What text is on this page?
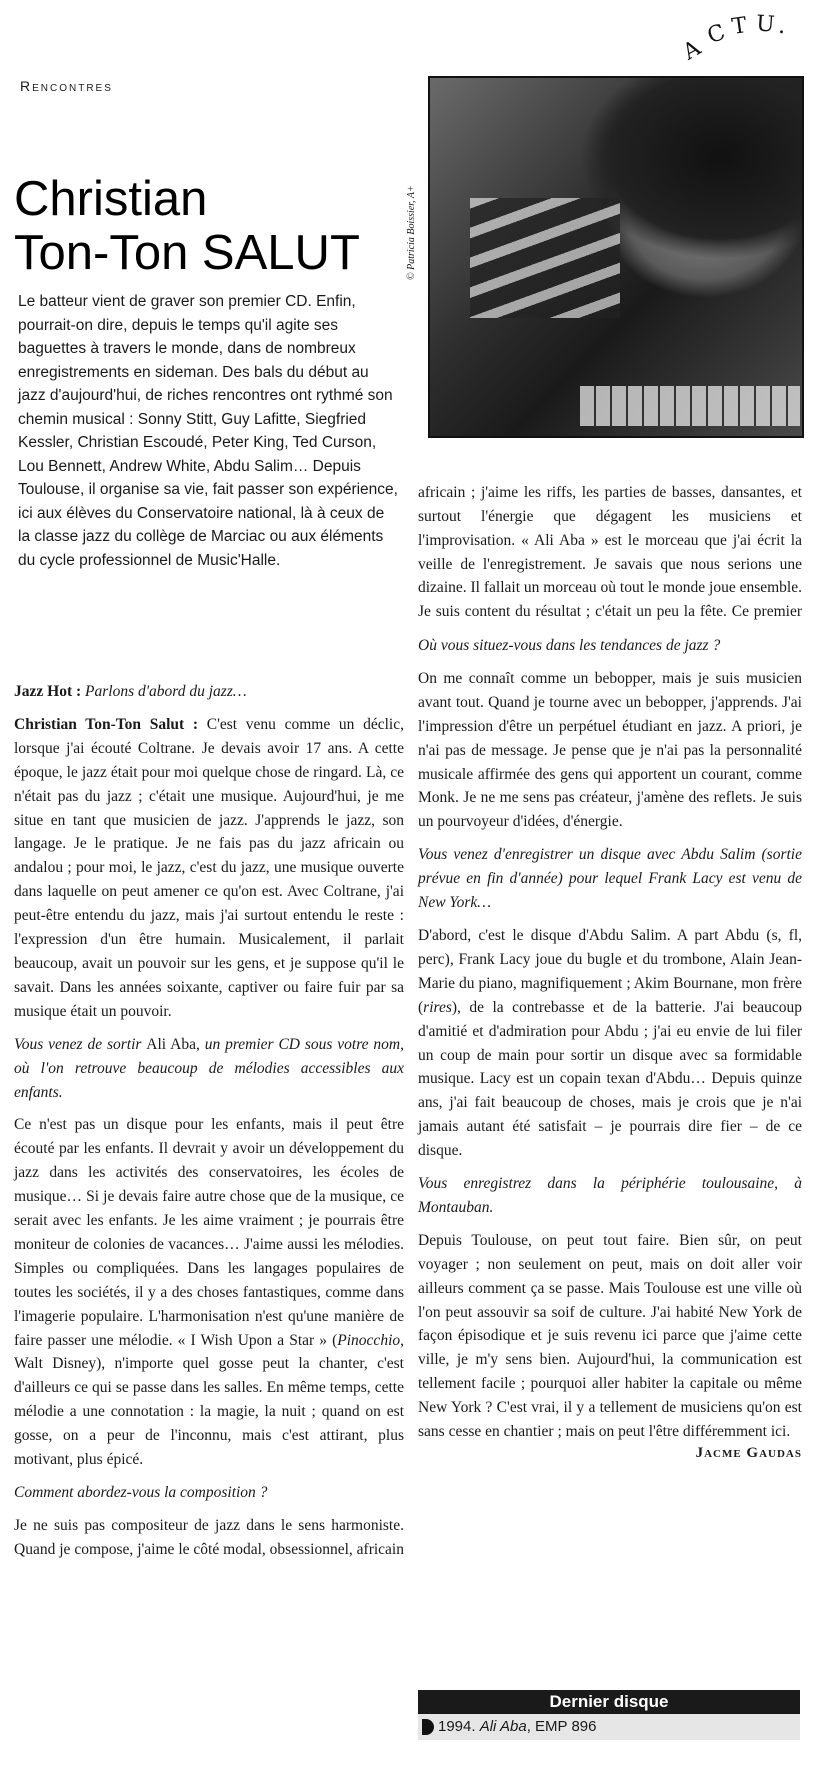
A
C T U .
Rencontres
Christian
Ton-Ton SALUT

Le batteur vient de graver son premier CD. Enfin, pourrait-on dire, depuis le temps qu'il agite ses baguettes à travers le monde, dans de nombreux enregistrements en sideman. Des bals du début au jazz d'aujourd'hui, de riches rencontres ont rythmé son chemin musical : Sonny Stitt, Guy Lafitte, Siegfried Kessler, Christian Escoudé, Peter King, Ted Curson, Lou Bennett, Andrew White, Abdu Salim… Depuis Toulouse, il organise sa vie, fait passer son expérience, ici aux élèves du Conservatoire national, là à ceux de la classe jazz du collège de Marciac ou aux éléments du cycle professionnel de Music'Halle.

© Patricia Boissier, A+

Jazz Hot : Parlons d'abord du jazz…

Christian Ton-Ton Salut : C'est venu comme un déclic, lorsque j'ai écouté Coltrane. Je devais avoir 17 ans. A cette époque, le jazz était pour moi quelque chose de ringard. Là, ce n'était pas du jazz ; c'était une musique. Aujourd'hui, je me situe en tant que musicien de jazz. J'apprends le jazz, son langage. Je le pratique. Je ne fais pas du jazz africain ou andalou ; pour moi, le jazz, c'est du jazz, une musique ouverte dans laquelle on peut amener ce qu'on est. Avec Coltrane, j'ai peut-être entendu du jazz, mais j'ai surtout entendu le reste : l'expression d'un être humain. Musicalement, il parlait beaucoup, avait un pouvoir sur les gens, et je suppose qu'il le savait. Dans les années soixante, captiver ou faire fuir par sa musique était un pouvoir.

Vous venez de sortir Ali Aba, un premier CD sous votre nom, où l'on retrouve beaucoup de mélodies accessibles aux enfants.

Ce n'est pas un disque pour les enfants, mais il peut être écouté par les enfants. Il devrait y avoir un développement du jazz dans les activités des conservatoires, les écoles de musique… Si je devais faire autre chose que de la musique, ce serait avec les enfants. Je les aime vraiment ; je pourrais être moniteur de colonies de vacances… J'aime aussi les mélodies. Simples ou compliquées. Dans les langages populaires de toutes les sociétés, il y a des choses fantastiques, comme dans l'imagerie populaire. L'harmonisation n'est qu'une manière de faire passer une mélodie. « I Wish Upon a Star » (Pinocchio, Walt Disney), n'importe quel gosse peut la chanter, c'est d'ailleurs ce qui se passe dans les salles. En même temps, cette mélodie a une connotation : la magie, la nuit ; quand on est gosse, on a peur de l'inconnu, mais c'est attirant, plus motivant, plus épicé.

Comment abordez-vous la composition ?

Je ne suis pas compositeur de jazz dans le sens harmoniste. Quand je compose, j'aime le côté modal, obsessionnel, africain

africain ; j'aime les riffs, les parties de basses, dansantes, et surtout l'énergie que dégagent les musiciens et l'improvisation. « Ali Aba » est le morceau que j'ai écrit la veille de l'enregistrement. Je savais que nous serions une dizaine. Il fallait un morceau où tout le monde joue ensemble. Je suis content du résultat ; c'était un peu la fête. Ce premier

Où vous situez-vous dans les tendances de jazz ?

On me connaît comme un bebopper, mais je suis musicien avant tout. Quand je tourne avec un bebopper, j'apprends. J'ai l'impression d'être un perpétuel étudiant en jazz. A priori, je n'ai pas de message. Je pense que je n'ai pas la personnalité musicale affirmée des gens qui apportent un courant, comme Monk. Je ne me sens pas créateur, j'amène des reflets. Je suis un pourvoyeur d'idées, d'énergie.

Vous venez d'enregistrer un disque avec Abdu Salim (sortie prévue en fin d'année) pour lequel Frank Lacy est venu de New York…

D'abord, c'est le disque d'Abdu Salim. A part Abdu (s, fl, perc), Frank Lacy joue du bugle et du trombone, Alain Jean-Marie du piano, magnifiquement ; Akim Bournane, mon frère (rires), de la contrebasse et de la batterie. J'ai beaucoup d'amitié et d'admiration pour Abdu ; j'ai eu envie de lui filer un coup de main pour sortir un disque avec sa formidable musique. Lacy est un copain texan d'Abdu… Depuis quinze ans, j'ai fait beaucoup de choses, mais je crois que je n'ai jamais autant été satisfait – je pourrais dire fier – de ce disque.

Vous enregistrez dans la périphérie toulousaine, à Montauban.

Depuis Toulouse, on peut tout faire. Bien sûr, on peut voyager ; non seulement on peut, mais on doit aller voir ailleurs comment ça se passe. Mais Toulouse est une ville où l'on peut assouvir sa soif de culture. J'ai habité New York de façon épisodique et je suis revenu ici parce que j'aime cette ville, je m'y sens bien. Aujourd'hui, la communication est tellement facile ; pourquoi aller habiter la capitale ou même New York ? C'est vrai, il y a tellement de musiciens qu'on est sans cesse en chantier ; mais on peut l'être différemment ici.

Jacme Gaudas
Dernier disque
1994.
Ali Aba , EMP 896
